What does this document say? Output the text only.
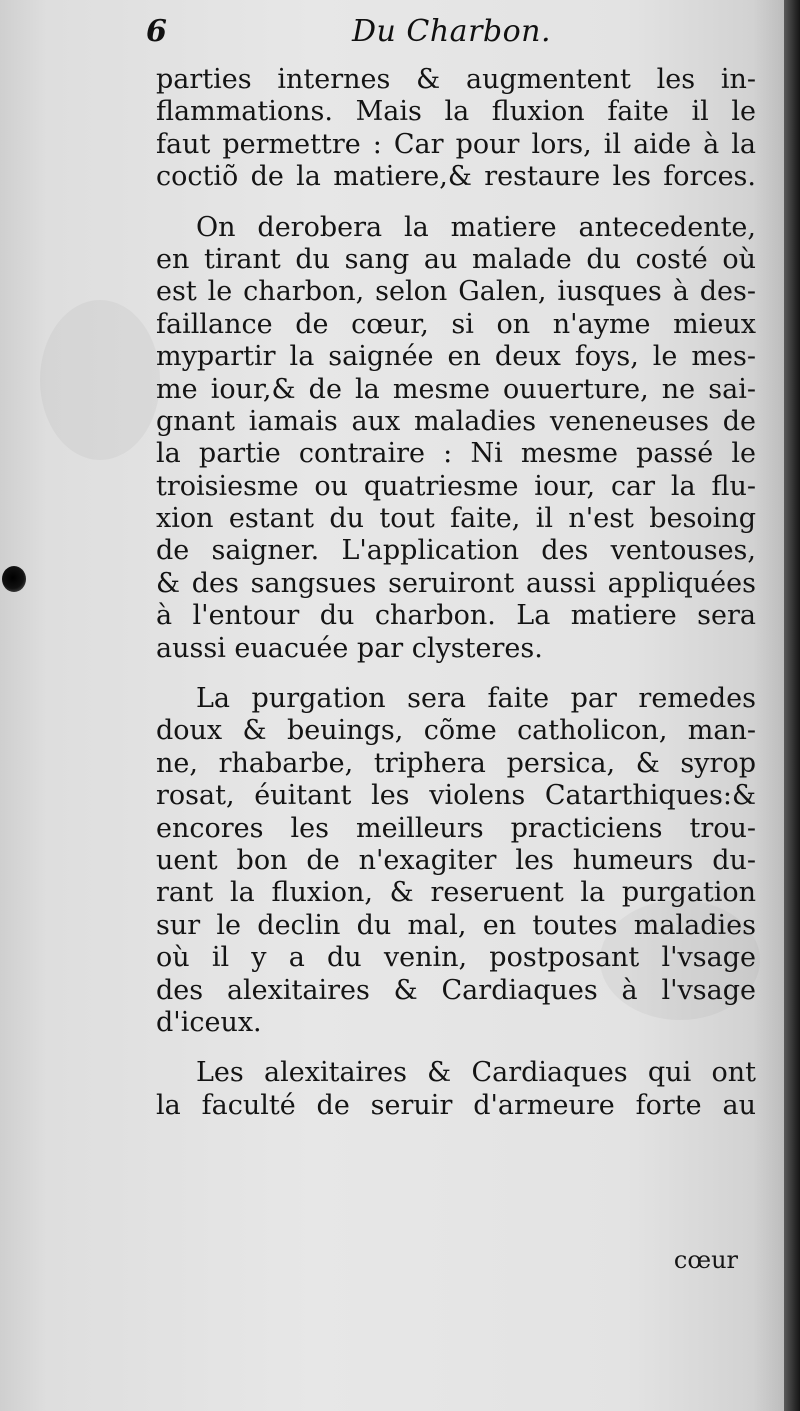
6	Du Charbon.
parties internes & augmentent les in-
flammations. Mais la fluxion faite il le
faut permettre : Car pour lors, il aide à la
coctiõ de la matiere,& restaure les forces.
On derobera la matiere antecedente,
en tirant du sang au malade du costé où
est le charbon, selon Galen, iusques à des-
faillance de cœur, si on n'ayme mieux
mypartir la saignée en deux foys, le mes-
me iour,& de la mesme ouuerture, ne sai-
gnant iamais aux maladies veneneuses de
la partie contraire : Ni mesme passé le
troisiesme ou quatriesme iour, car la flu-
xion estant du tout faite, il n'est besoing
de saigner. L'application des ventouses,
& des sangsues seruiront aussi appliquées
à l'entour du charbon. La matiere sera
aussi euacuée par clysteres.
La purgation sera faite par remedes
doux & beuings, cõme catholicon, man-
ne, rhabarbe, triphera persica, & syrop
rosat, éuitant les violens Catarthiques:&
encores les meilleurs practiciens trou-
uent bon de n'exagiter les humeurs du-
rant la fluxion, & reseruent la purgation
sur le declin du mal, en toutes maladies
où il y a du venin, postposant l'vsage
des alexitaires & Cardiaques à l'vsage
d'iceux.
Les alexitaires & Cardiaques qui ont
la faculté de seruir d'armeure forte au
cœur
